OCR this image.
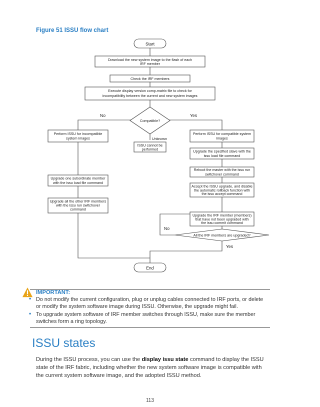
Figure 51 ISSU flow chart
Start
Download the new system image to the flash of each
IRF member
Check the IRF members
Execute display version comp-matrix file to check for
incompatibility between the current and new system images
Compatible?
No	Yes
Unknown
Perform ISSU for incompatible
system images
Perform ISSU for compatible system
images
ISSU cannot be
performed
Upgrade one subordinate member
with the issu load file command
Upgrade all the other IRF members
with the issu run switchover
command
Upgrade the specified slave with the
issu load file command
Reboot the master with the issu run
switchover command
Accept the ISSU upgrade, and disable
the automatic rollback function with
the issu accept command
Upgrade the IRF member (members)
that have not been upgraded with
the issu commit command
All the IRF members are upgraded?
No
Yes
End
IMPORTANT:
• Do not modify the current configuration, plug or unplug cables connected to IRF ports, or delete or modify the system software image during ISSU. Otherwise, the upgrade might fail.
• To upgrade system software of IRF member switches through ISSU, make sure the member switches form a ring topology.
113
ISSU states
During the ISSU process, you can use the display issu state command to display the ISSU state of the IRF fabric, including whether the new system software image is compatible with the current system software image, and the adopted ISSU method.
